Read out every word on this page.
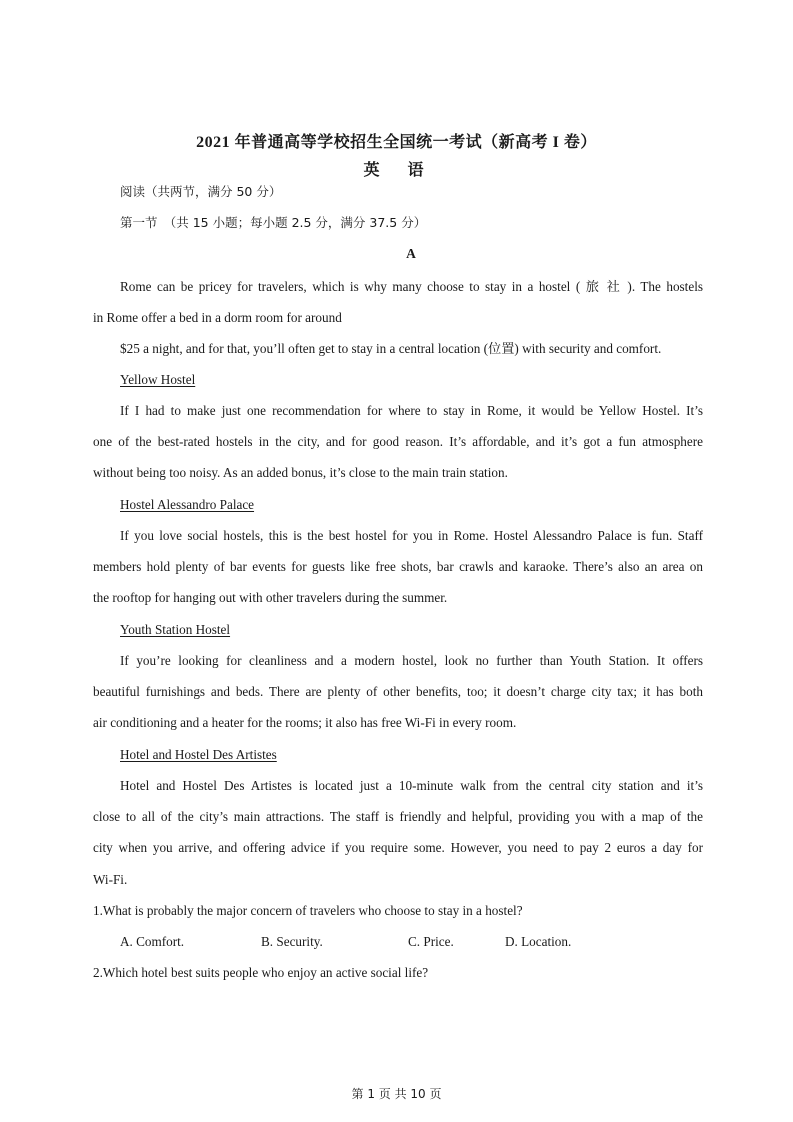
2021 年普通高等学校招生全国统一考试（新高考 I 卷）
英　语
阅读（共两节，满分 50 分）
第一节　（共 15 小题；每小题 2.5 分，满分 37.5 分）
A
Rome can be pricey for travelers, which is why many choose to stay in a hostel ( 旅 社 ). The hostels
in Rome offer a bed in a dorm room for around
$25 a night, and for that, you’ll often get to stay in a central location (位置) with security and comfort.
Yellow Hostel
If I had to make just one recommendation for where to stay in Rome, it would be Yellow Hostel. It’s
one of the best-rated hostels in the city, and for good reason. It’s affordable, and it’s got a fun atmosphere
without being too noisy. As an added bonus, it’s close to the main train station.
Hostel Alessandro Palace
If you love social hostels, this is the best hostel for you in Rome. Hostel Alessandro Palace is fun. Staff
members hold plenty of bar events for guests like free shots, bar crawls and karaoke. There’s also an area on
the rooftop for hanging out with other travelers during the summer.
Youth Station Hostel
If you’re looking for cleanliness and a modern hostel, look no further than Youth Station. It offers
beautiful furnishings and beds. There are plenty of other benefits, too; it doesn’t charge city tax; it has both
air conditioning and a heater for the rooms; it also has free Wi-Fi in every room.
Hotel and Hostel Des Artistes
Hotel and Hostel Des Artistes is located just a 10-minute walk from the central city station and it’s
close to all of the city’s main attractions. The staff is friendly and helpful, providing you with a map of the
city when you arrive, and offering advice if you require some. However, you need to pay 2 euros a day for
Wi-Fi.
1.What is probably the major concern of travelers who choose to stay in a hostel?
A. Comfort.	B. Security.	C. Price.	D. Location.
2.Which hotel best suits people who enjoy an active social life?
第 1 页 共 10 页
